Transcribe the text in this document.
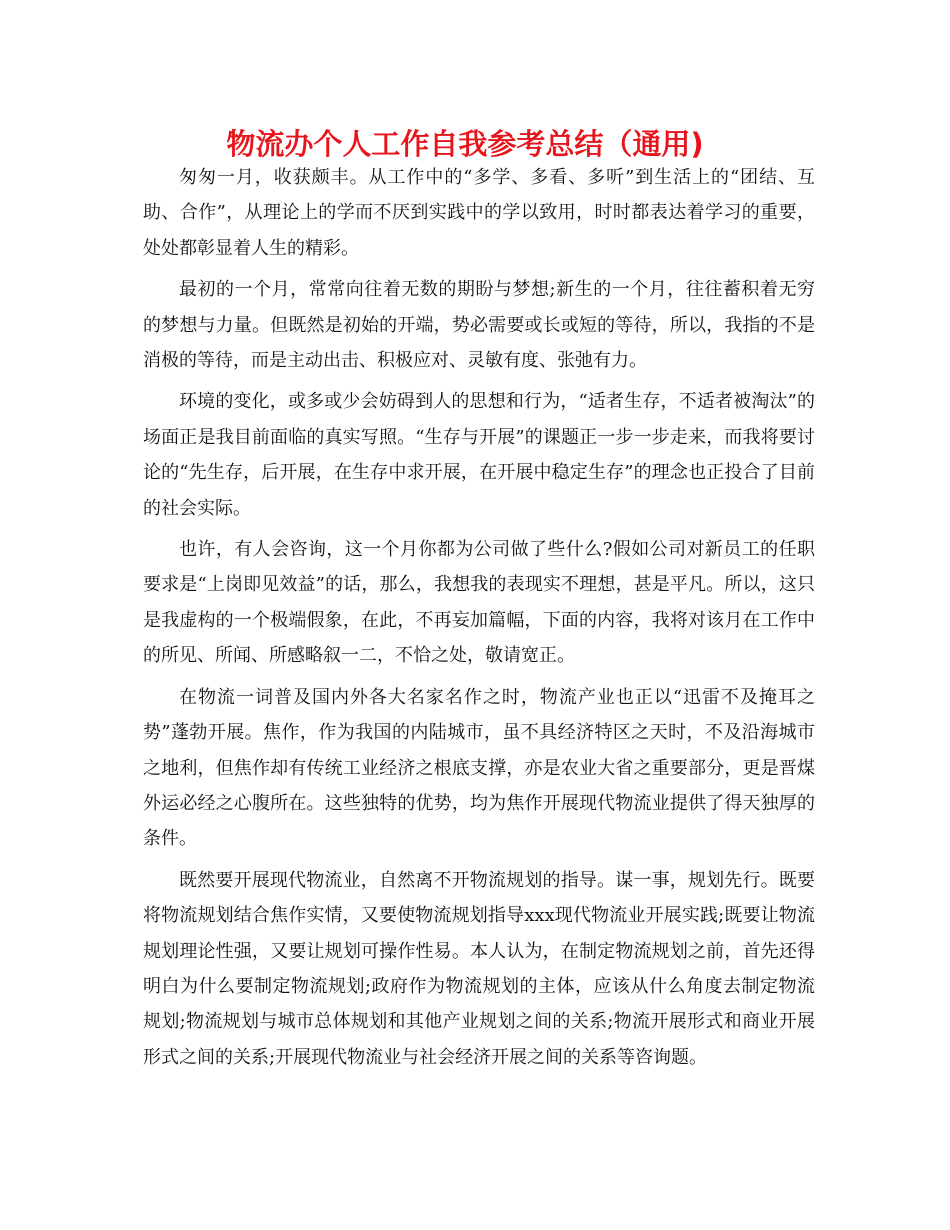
物流办个人工作自我参考总结（通用)

匆匆一月，收获颇丰。从工作中的“多学、多看、多听”到生活上的“团结、互助、合作”，从理论上的学而不厌到实践中的学以致用，时时都表达着学习的重要，处处都彰显着人生的精彩。

最初的一个月，常常向往着无数的期盼与梦想;新生的一个月，往往蓄积着无穷的梦想与力量。但既然是初始的开端，势必需要或长或短的等待，所以，我指的不是消极的等待，而是主动出击、积极应对、灵敏有度、张弛有力。

环境的变化，或多或少会妨碍到人的思想和行为，“适者生存，不适者被淘汰”的场面正是我目前面临的真实写照。“生存与开展”的课题正一步一步走来，而我将要讨论的“先生存，后开展，在生存中求开展，在开展中稳定生存”的理念也正投合了目前的社会实际。

也许，有人会咨询，这一个月你都为公司做了些什么?假如公司对新员工的任职要求是“上岗即见效益”的话，那么，我想我的表现实不理想，甚是平凡。所以，这只是我虚构的一个极端假象，在此，不再妄加篇幅，下面的内容，我将对该月在工作中的所见、所闻、所感略叙一二，不恰之处，敬请宽正。

在物流一词普及国内外各大名家名作之时，物流产业也正以“迅雷不及掩耳之势”蓬勃开展。焦作，作为我国的内陆城市，虽不具经济特区之天时，不及沿海城市之地利，但焦作却有传统工业经济之根底支撑，亦是农业大省之重要部分，更是晋煤外运必经之心腹所在。这些独特的优势，均为焦作开展现代物流业提供了得天独厚的条件。

既然要开展现代物流业，自然离不开物流规划的指导。谋一事，规划先行。既要将物流规划结合焦作实情，又要使物流规划指导xxx现代物流业开展实践;既要让物流规划理论性强，又要让规划可操作性易。本人认为，在制定物流规划之前，首先还得明白为什么要制定物流规划;政府作为物流规划的主体，应该从什么角度去制定物流规划;物流规划与城市总体规划和其他产业规划之间的关系;物流开展形式和商业开展形式之间的关系;开展现代物流业与社会经济开展之间的关系等咨询题。
